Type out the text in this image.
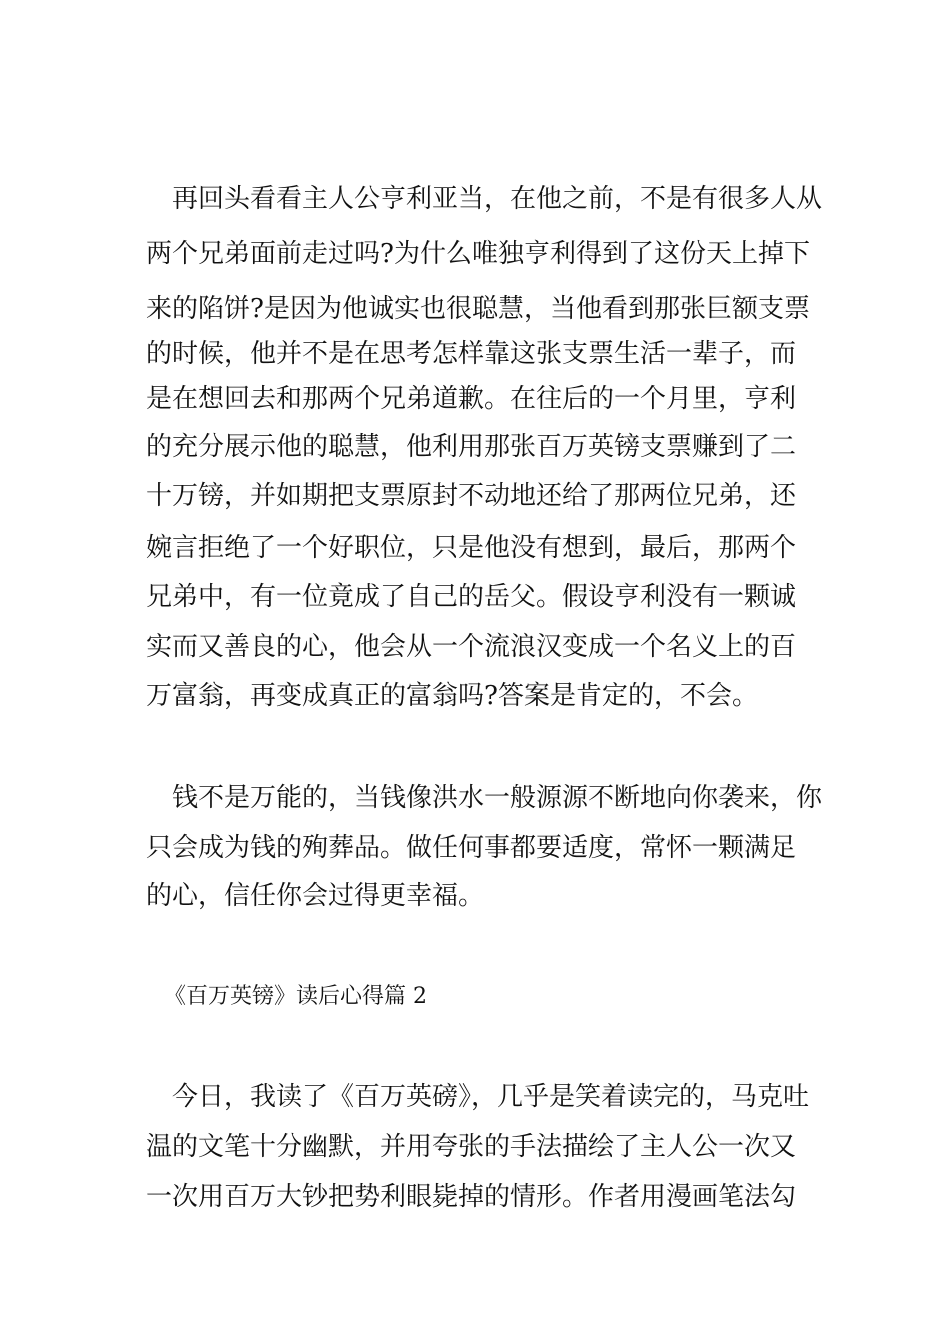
　再回头看看主人公亨利亚当，在他之前，不是有很多人从
两个兄弟面前走过吗?为什么唯独亨利得到了这份天上掉下
来的陷饼?是因为他诚实也很聪慧，当他看到那张巨额支票
的时候，他并不是在思考怎样靠这张支票生活一辈子，而
是在想回去和那两个兄弟道歉。在往后的一个月里，亨利
的充分展示他的聪慧，他利用那张百万英镑支票赚到了二
十万镑，并如期把支票原封不动地还给了那两位兄弟，还
婉言拒绝了一个好职位，只是他没有想到，最后，那两个
兄弟中，有一位竟成了自己的岳父。假设亨利没有一颗诚
实而又善良的心，他会从一个流浪汉变成一个名义上的百
万富翁，再变成真正的富翁吗?答案是肯定的，不会。
　钱不是万能的，当钱像洪水一般源源不断地向你袭来，你
只会成为钱的殉葬品。做任何事都要适度，常怀一颗满足
的心，信任你会过得更幸福。
《百万英镑》读后心得篇 2
　今日，我读了《百万英磅》，几乎是笑着读完的，马克吐
温的文笔十分幽默，并用夸张的手法描绘了主人公一次又
一次用百万大钞把势利眼毙掉的情形。作者用漫画笔法勾
